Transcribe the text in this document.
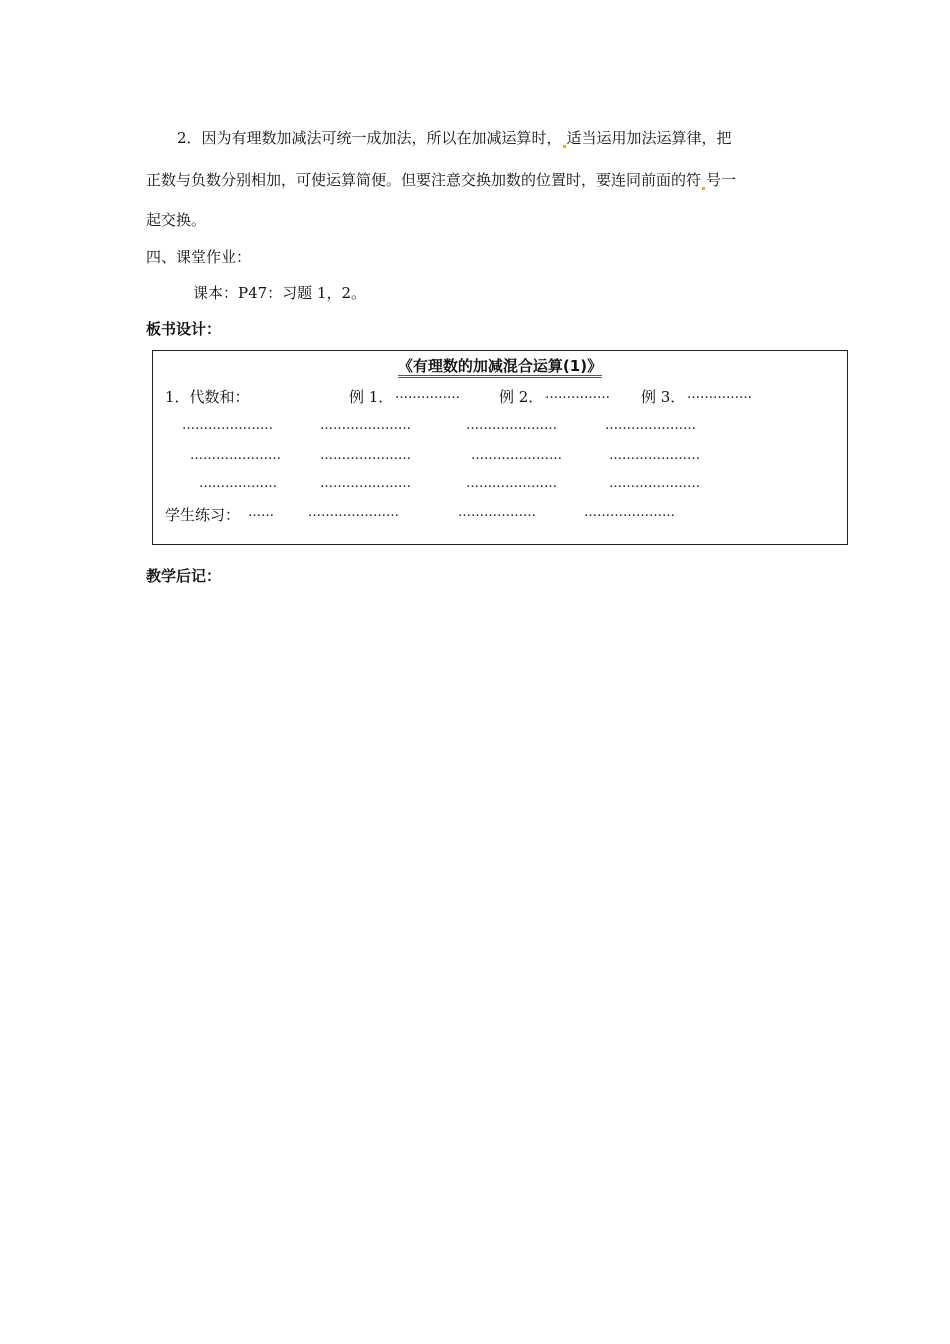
2．因为有理数加减法可统一成加法，所以在加减运算时， 适当运用加法运算律，把
正数与负数分别相加，可使运算简便。但要注意交换加数的位置时，要连同前面的符 号一
起交换。
四、课堂作业：
课本：P47：习题 1，2。
板书设计：
《有理数的加减混合运算(1)》
1．代数和：	例 1． ……………	例 2． …………… 例 3． ……………
…………………	…………………	…………………	…………………
…………………	…………………	…………………	…………………
………………	…………………	…………………	…………………
学生练习： ……	…………………	………………	…………………
教学后记：
